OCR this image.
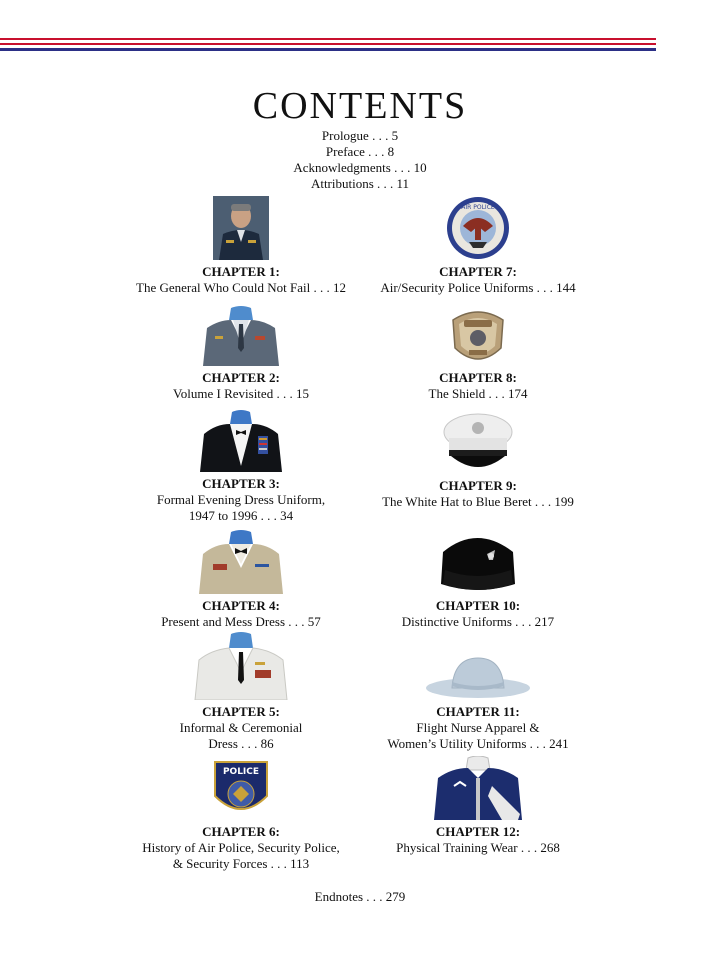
CONTENTS
Prologue . . . 5
Preface . . . 8
Acknowledgments . . . 10
Attributions . . . 11
CHAPTER 1:
The General Who Could Not Fail . . . 12
AIR POLICE
CHAPTER 7:
Air/Security Police Uniforms . . . 144
CHAPTER 2:
Volume I Revisited . . . 15
CHAPTER 8:
The Shield . . . 174
CHAPTER 3:
Formal Evening Dress Uniform,
1947 to 1996 . . . 34
CHAPTER 9:
The White Hat to Blue Beret . . . 199
CHAPTER 4:
Present and Mess Dress . . . 57
CHAPTER 10:
Distinctive Uniforms . . . 217
CHAPTER 5:
Informal & Ceremonial
Dress . . . 86
CHAPTER 11:
Flight Nurse Apparel &
Women’s Utility Uniforms . . . 241
POLICE
CHAPTER 6:
History of Air Police, Security Police,
& Security Forces . . . 113
CHAPTER 12:
Physical Training Wear . . . 268
Endnotes . . . 279
